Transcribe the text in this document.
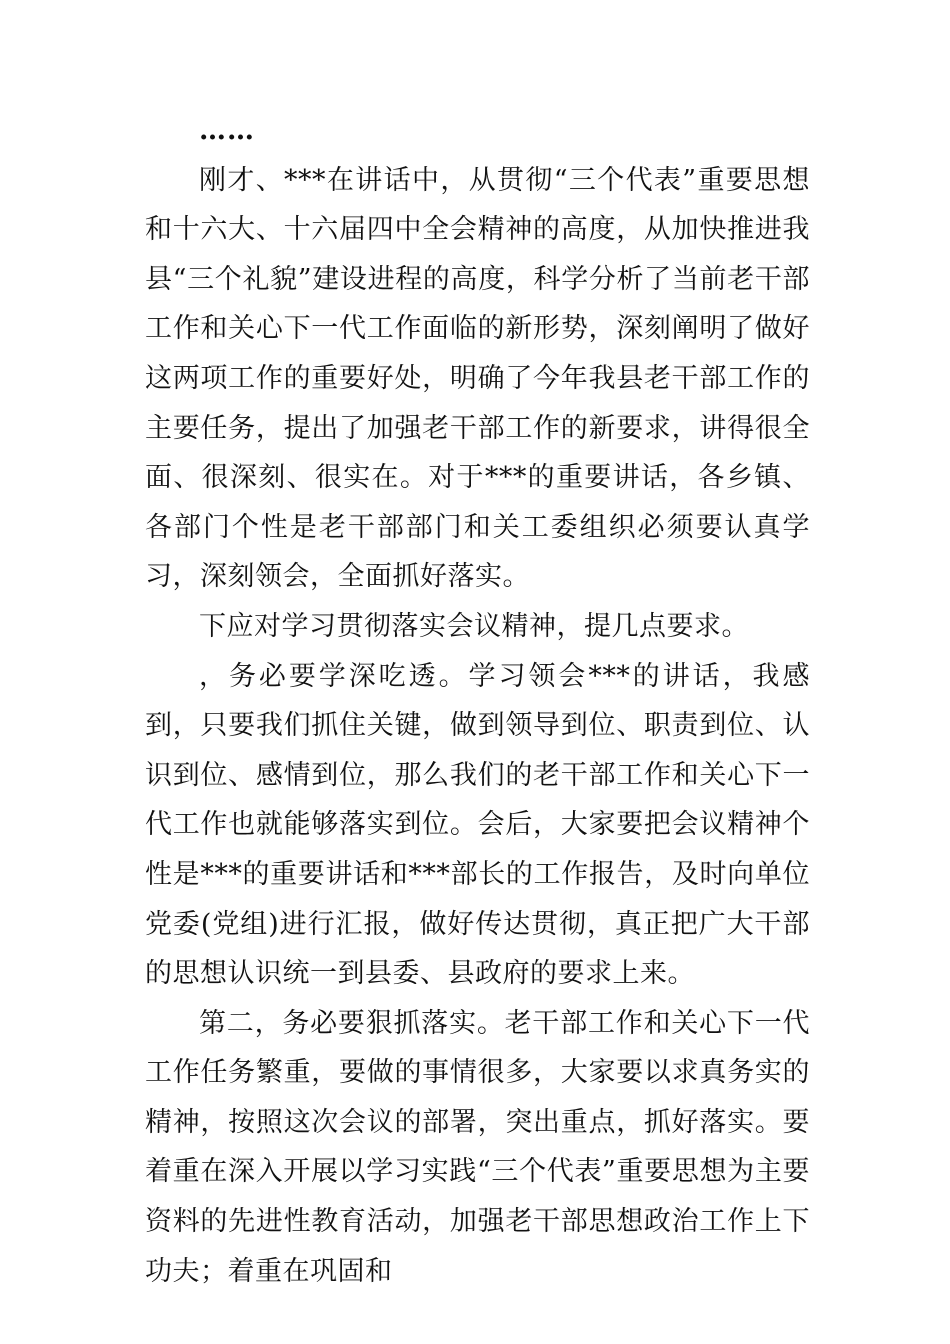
……

刚才、***在讲话中，从贯彻“三个代表”重要思想和十六大、十六届四中全会精神的高度，从加快推进我县“三个礼貌”建设进程的高度，科学分析了当前老干部工作和关心下一代工作面临的新形势，深刻阐明了做好这两项工作的重要好处，明确了今年我县老干部工作的主要任务，提出了加强老干部工作的新要求，讲得很全面、很深刻、很实在。对于***的重要讲话，各乡镇、各部门个性是老干部部门和关工委组织必须要认真学习，深刻领会，全面抓好落实。

下应对学习贯彻落实会议精神，提几点要求。

，务必要学深吃透。学习领会***的讲话，我感到，只要我们抓住关键，做到领导到位、职责到位、认识到位、感情到位，那么我们的老干部工作和关心下一代工作也就能够落实到位。会后，大家要把会议精神个性是***的重要讲话和***部长的工作报告，及时向单位党委(党组)进行汇报，做好传达贯彻，真正把广大干部的思想认识统一到县委、县政府的要求上来。

第二，务必要狠抓落实。老干部工作和关心下一代工作任务繁重，要做的事情很多，大家要以求真务实的精神，按照这次会议的部署，突出重点，抓好落实。要着重在深入开展以学习实践“三个代表”重要思想为主要资料的先进性教育活动，加强老干部思想政治工作上下功夫；着重在巩固和
